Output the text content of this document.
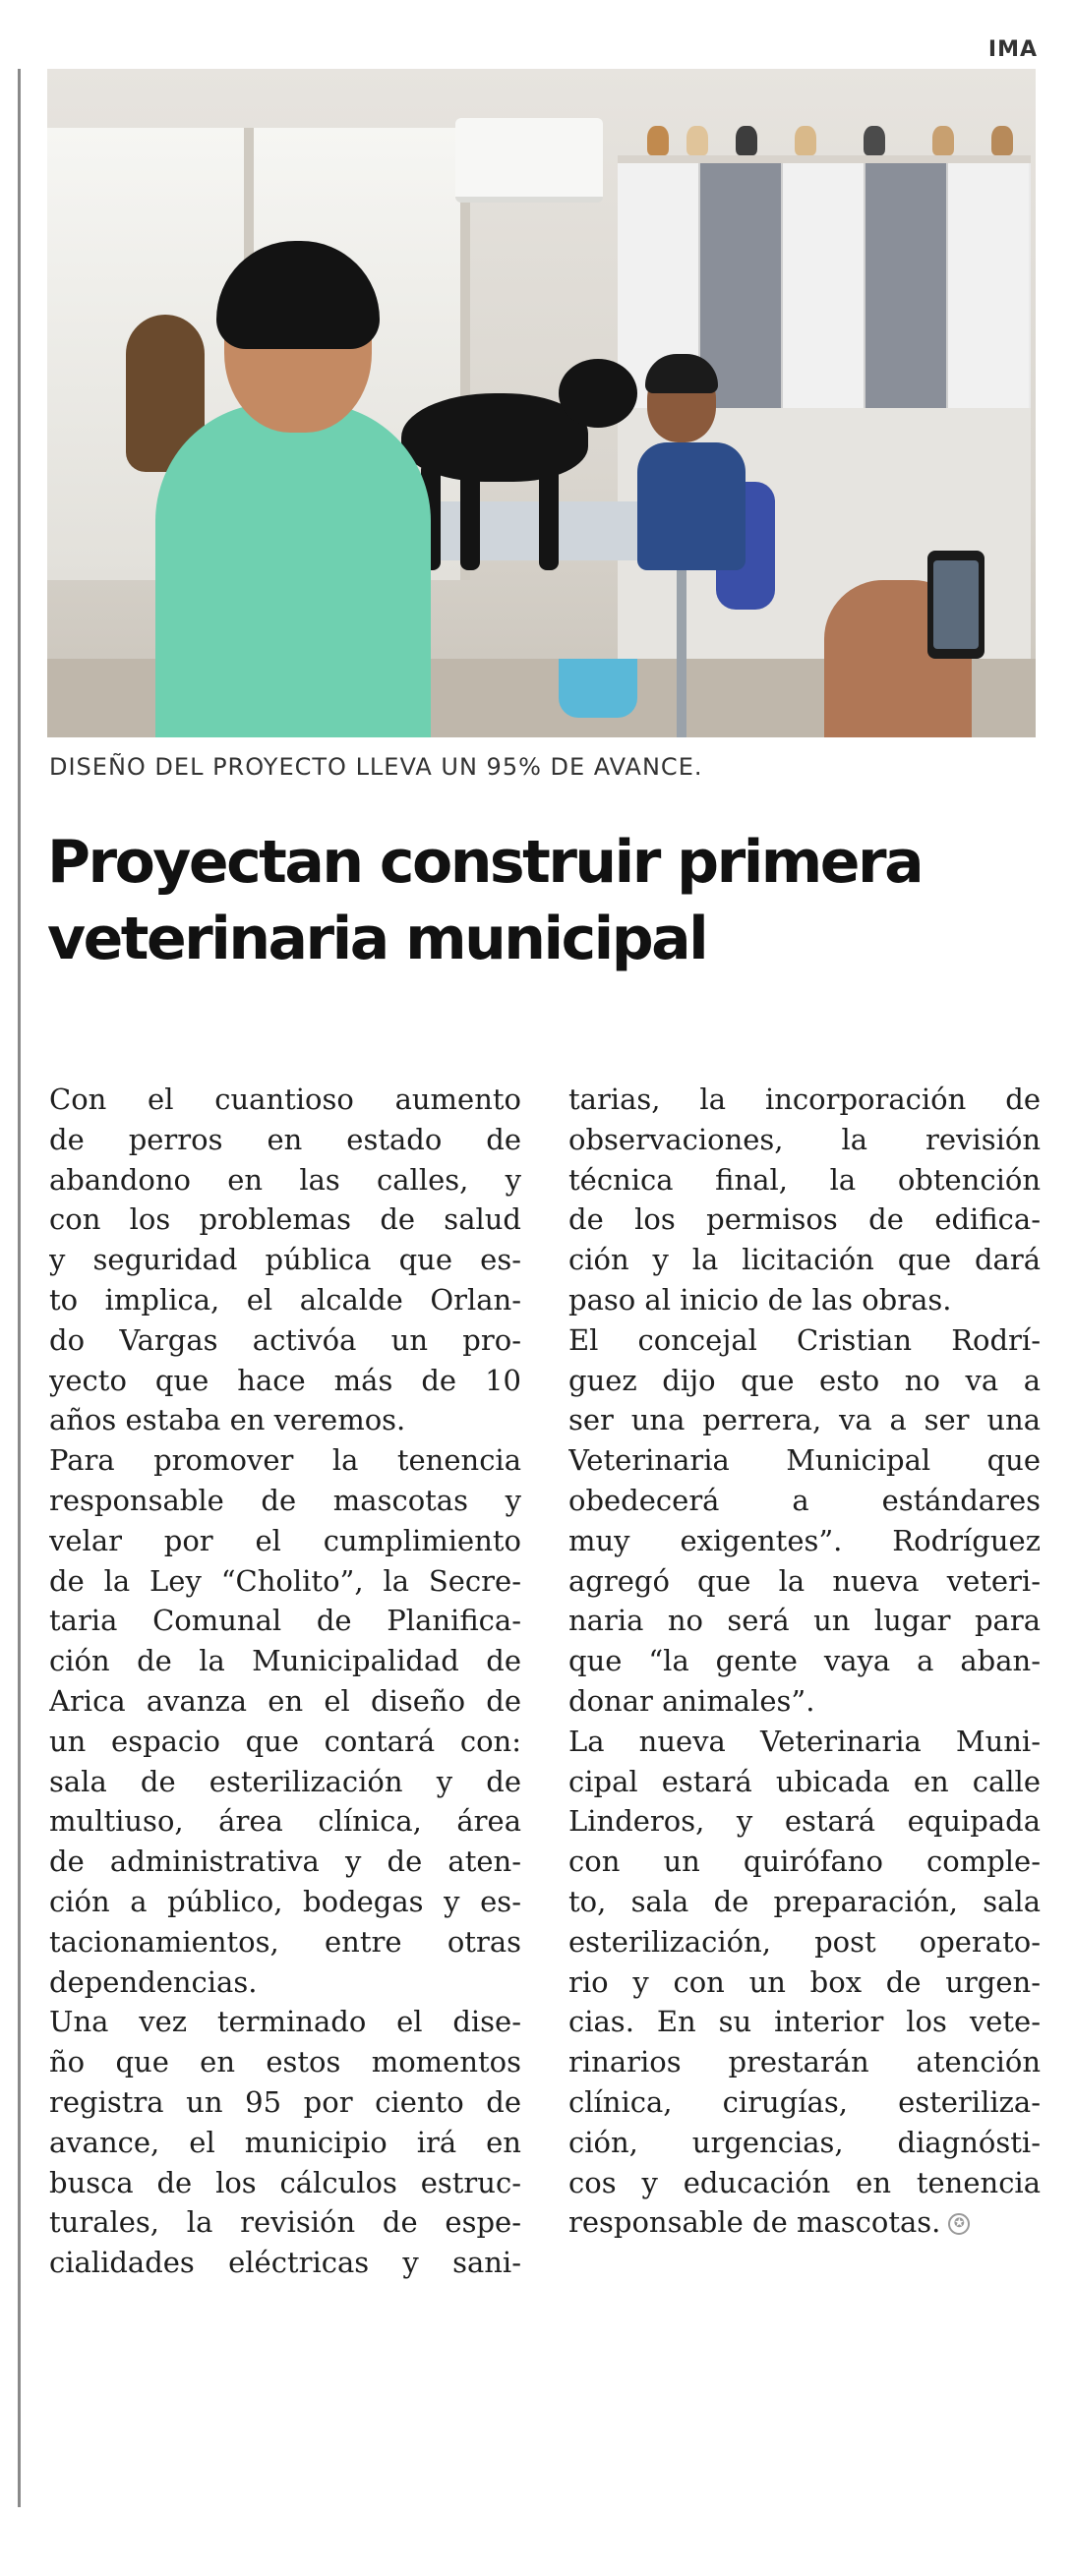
IMA

DISEÑO DEL PROYECTO LLEVA UN 95% DE AVANCE.

Proyectan construir primera
veterinaria municipal

Con el cuantioso aumento
de perros en estado de
abandono en las calles, y
con los problemas de salud
y seguridad pública que es-
to implica, el alcalde Orlan-
do Vargas activóa un pro-
yecto que hace más de 10
años estaba en veremos.

Para promover la tenencia
responsable de mascotas y
velar por el cumplimiento
de la Ley “Cholito”, la Secre-
taria Comunal de Planifica-
ción de la Municipalidad de
Arica avanza en el diseño de
un espacio que contará con:
sala de esterilización y de
multiuso, área clínica, área
de administrativa y de aten-
ción a público, bodegas y es-
tacionamientos, entre otras
dependencias.

Una vez terminado el dise-
ño que en estos momentos
registra un 95 por ciento de
avance, el municipio irá en
busca de los cálculos estruc-
turales, la revisión de espe-
cialidades eléctricas y sani-

tarias, la incorporación de
observaciones, la revisión
técnica final, la obtención
de los permisos de edifica-
ción y la licitación que dará
paso al inicio de las obras.

El concejal Cristian Rodrí-
guez dijo que esto no va a
ser una perrera, va a ser una
Veterinaria Municipal que
obedecerá a estándares
muy exigentes”. Rodríguez
agregó que la nueva veteri-
naria no será un lugar para
que “la gente vaya a aban-
donar animales”.

La nueva Veterinaria Muni-
cipal estará ubicada en calle
Linderos, y estará equipada
con un quirófano comple-
to, sala de preparación, sala
esterilización, post operato-
rio y con un box de urgen-
cias. En su interior los vete-
rinarios prestarán atención
clínica, cirugías, esteriliza-
ción, urgencias, diagnósti-
cos y educación en tenencia
responsable de mascotas. ✪
